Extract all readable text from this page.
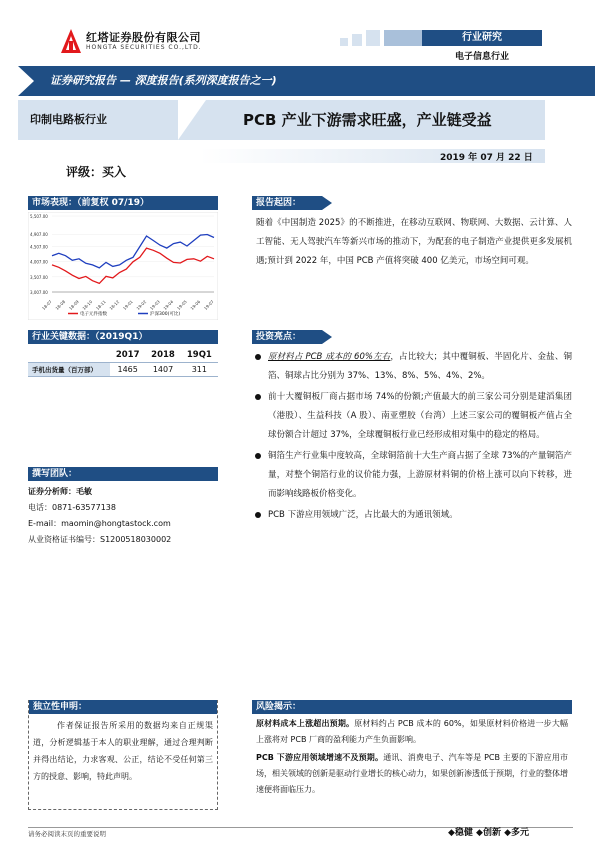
红塔证券股份有限公司
HONGTA SECURITIES CO.,LTD.
行业研究
电子信息行业
证券研究报告 — 深度报告(系列深度报告之一)
印制电路板行业	PCB 产业下游需求旺盛，产业链受益
2019 年 07 月 22 日
评级：买入
市场表现：（前复权 07/19）
5,507.00
4,907.00
4,507.00
4,007.00
3,507.00
3,007.00
18-07 18-08 18-09 18-10 18-11 18-12 19-01 19-02 19-03 19-04 19-05 19-06 19-07
电子元件指数	沪深300(可比)
行业关键数据：（2019Q1）
	2017	2018	19Q1
手机出货量（百万部）	1465	1407	311
撰写团队：
证券分析师：毛敏
电话：0871-63577138
E-mail：maomin@hongtastock.com
从业资格证书编号：S1200518030002
报告起因：
随着《中国制造 2025》的不断推进，在移动互联网、物联网、大数据、云计算、人工智能、无人驾驶汽车等新兴市场的推动下，为配套的电子制造产业提供更多发展机遇;预计到 2022 年，中国 PCB 产值将突破 400 亿美元，市场空间可观。
投资亮点：
原材料占 PCB 成本的 60%左右，占比较大；其中覆铜板、半固化片、金盐、铜箔、铜球占比分别为 37%、13%、8%、5%、4%、2%。
前十大覆铜板厂商占据市场 74%的份额;产值最大的前三家公司分别是建滔集团（港股）、生益科技（A 股）、南亚塑胶（台湾）上述三家公司的覆铜板产值占全球份额合计超过 37%，全球覆铜板行业已经形成相对集中的稳定的格局。
铜箔生产行业集中度较高，全球铜箔前十大生产商占据了全球 73%的产量铜箔产量，对整个铜箔行业的议价能力强，上游原材料铜的价格上涨可以向下转移，进而影响线路板价格变化。
PCB 下游应用领域广泛，占比最大的为通讯领域。
独立性申明：
作者保证报告所采用的数据均来自正规渠道，分析逻辑基于本人的职业理解，通过合理判断并得出结论，力求客观、公正，结论不受任何第三方的授意、影响，特此声明。
风险揭示：
原材料成本上涨超出预期。原材料约占 PCB 成本的 60%，如果原材料价格进一步大幅上涨将对 PCB 厂商的盈利能力产生负面影响。
PCB 下游应用领域增速不及预期。通讯、消费电子、汽车等是 PCB 主要的下游应用市场，相关领域的创新是驱动行业增长的核心动力，如果创新渗透低于预期，行业的整体增速便将面临压力。
请务必阅读末页的重要说明	◆稳健 ◆创新 ◆多元
